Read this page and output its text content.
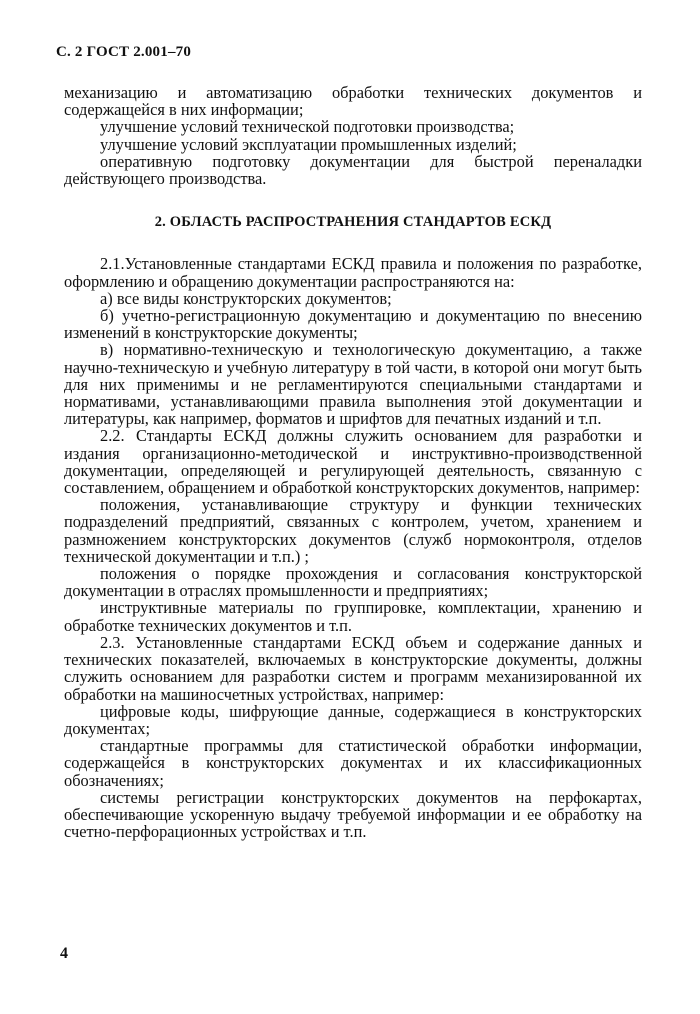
С. 2 ГОСТ 2.001–70

механизацию и автоматизацию обработки технических документов и содержащейся в них информации;

улучшение условий технической подготовки производства;

улучшение условий эксплуатации промышленных изделий;

оперативную подготовку документации для быстрой переналадки действующего производства.

2. ОБЛАСТЬ РАСПРОСТРАНЕНИЯ СТАНДАРТОВ ЕСКД

2.1.Установленные стандартами ЕСКД правила и положения по разработке, оформлению и обращению документации распространяются на:

а) все виды конструкторских документов;

б) учетно-регистрационную документацию и документацию по внесению изменений в конструкторские документы;

в) нормативно-техническую и технологическую документацию, а также научно-техническую и учебную литературу в той части, в которой они могут быть для них применимы и не регламентируются специальными стандартами и нормативами, устанавливающими правила выполнения этой документации и литературы, как например, форматов и шрифтов для печатных изданий и т.п.

2.2. Стандарты ЕСКД должны служить основанием для разработки и издания организационно-методической и инструктивно-производственной документации, определяющей и регулирующей деятельность, связанную с составлением, обращением и обработкой конструкторских документов, например:

положения, устанавливающие структуру и функции технических подразделений предприятий, связанных с контролем, учетом, хранением и размножением конструкторских документов (служб нормоконтроля, отделов технической документации и т.п.) ;

положения о порядке прохождения и согласования конструкторской документации в отраслях промышленности и предприятиях;

инструктивные материалы по группировке, комплектации, хранению и обработке технических документов и т.п.

2.3. Установленные стандартами ЕСКД объем и содержание данных и технических показателей, включаемых в конструкторские документы, должны служить основанием для разработки систем и программ механизированной их обработки на машиносчетных устройствах, например:

цифровые коды, шифрующие данные, содержащиеся в конструкторских документах;

стандартные программы для статистической обработки информации, содержащейся в конструкторских документах и их классификационных обозначениях;

системы регистрации конструкторских документов на перфокартах, обеспечивающие ускоренную выдачу требуемой информации и ее обработку на счетно-перфорационных устройствах и т.п.

4
